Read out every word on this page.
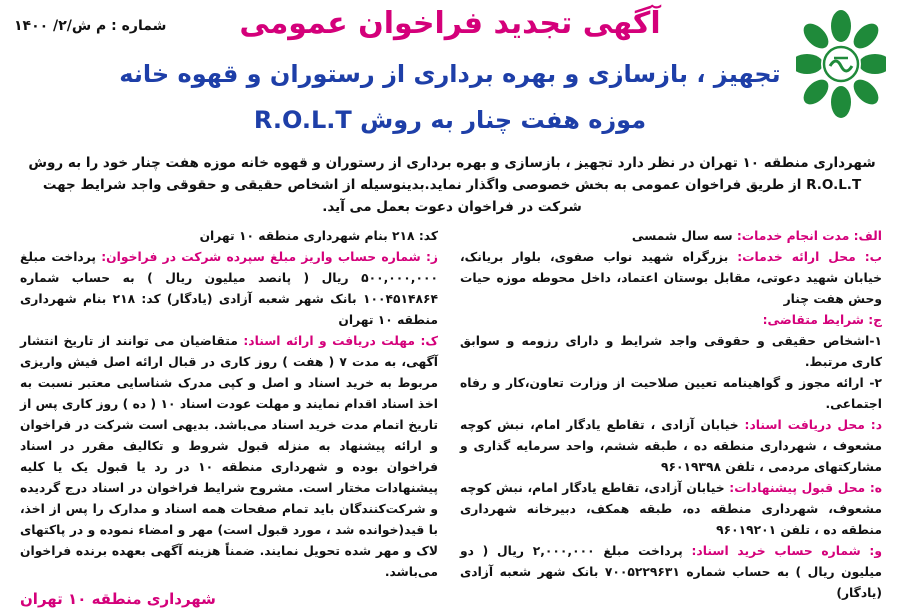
شماره : م ش/۲/ ۱۴۰۰	آگهی تجدید فراخوان عمومی
تجهیز ، بازسازی و بهره برداری از رستوران و قهوه خانه
موزه هفت چنار به روش R.O.L.T
شهرداری منطقه ۱۰ تهران در نظر دارد تجهیز ، بازسازی و بهره برداری از رستوران و قهوه خانه موزه هفت چنار خود را به روش R.O.L.T از طریق فراخوان عمومی به بخش خصوصی واگذار نماید.بدینوسیله از اشخاص حقیقی و حقوقی واجد شرایط جهت شرکت در فراخوان دعوت بعمل می آید.

الف: مدت انجام خدمات: سه سال شمسی

ب: محل ارائه خدمات: بزرگراه شهید نواب صفوی، بلوار بریانک، خیابان شهید دعوتی، مقابل بوستان اعتماد، داخل محوطه موزه حیات وحش هفت چنار

ج: شرایط متقاضی:

۱-اشخاص حقیقی و حقوقی واجد شرایط و دارای رزومه و سوابق کاری مرتبط.

۲- ارائه مجوز و گواهینامه تعیین صلاحیت از وزارت تعاون،کار و رفاه اجتماعی.

د: محل دریافت اسناد: خیابان آزادی ، تقاطع یادگار امام، نبش کوچه مشعوف ، شهرداری منطقه ده ، طبقه ششم، واحد سرمایه گذاری و مشارکتهای مردمی ، تلفن ۹۶۰۱۹۳۹۸

ه: محل قبول پیشنهادات: خیابان آزادی، تقاطع یادگار امام، نبش کوچه مشعوف، شهرداری منطقه ده، طبقه همکف، دبیرخانه شهرداری منطقه ده ، تلفن ۹۶۰۱۹۲۰۱

و: شماره حساب خرید اسناد: پرداخت مبلغ ۲,۰۰۰,۰۰۰ ریال ( دو میلیون ریال ) به حساب شماره ۷۰۰۵۲۲۹۶۳۱ بانک شهر شعبه آزادی (یادگار)

کد: ۲۱۸ بنام شهرداری منطقه ۱۰ تهران

ز: شماره حساب واریز مبلغ سپرده شرکت در فراخوان: پرداخت مبلغ ۵۰۰,۰۰۰,۰۰۰ ریال ( پانصد میلیون ریال ) به حساب شماره ۱۰۰۴۵۱۴۸۶۴ بانک شهر شعبه آزادی (یادگار) کد: ۲۱۸ بنام شهرداری منطقه ۱۰ تهران

ک: مهلت دریافت و ارائه اسناد: متقاضیان می توانند از تاریخ انتشار آگهی، به مدت ۷ ( هفت ) روز کاری در قبال ارائه اصل فیش واریزی مربوط به خرید اسناد و اصل و کپی مدرک شناسایی معتبر نسبت به اخذ اسناد اقدام نمایند و مهلت عودت اسناد ۱۰ ( ده ) روز کاری پس از تاریخ اتمام مدت خرید اسناد می‌باشد. بدیهی است شرکت در فراخوان و ارائه پیشنهاد به منزله قبول شروط و تکالیف مقرر در اسناد فراخوان بوده و شهرداری منطقه ۱۰ در رد یا قبول یک یا کلیه پیشنهادات مختار است. مشروح شرایط فراخوان در اسناد درج گردیده و شرکت‌کنندگان باید تمام صفحات همه اسناد و مدارک را پس از اخذ، با قید(خوانده شد ، مورد قبول است) مهر و امضاء نموده و در پاکتهای لاک و مهر شده تحویل نمایند. ضمناً هزینه آگهی بعهده برنده فراخوان می‌باشد.

شهرداری منطقه ۱۰ تهران
